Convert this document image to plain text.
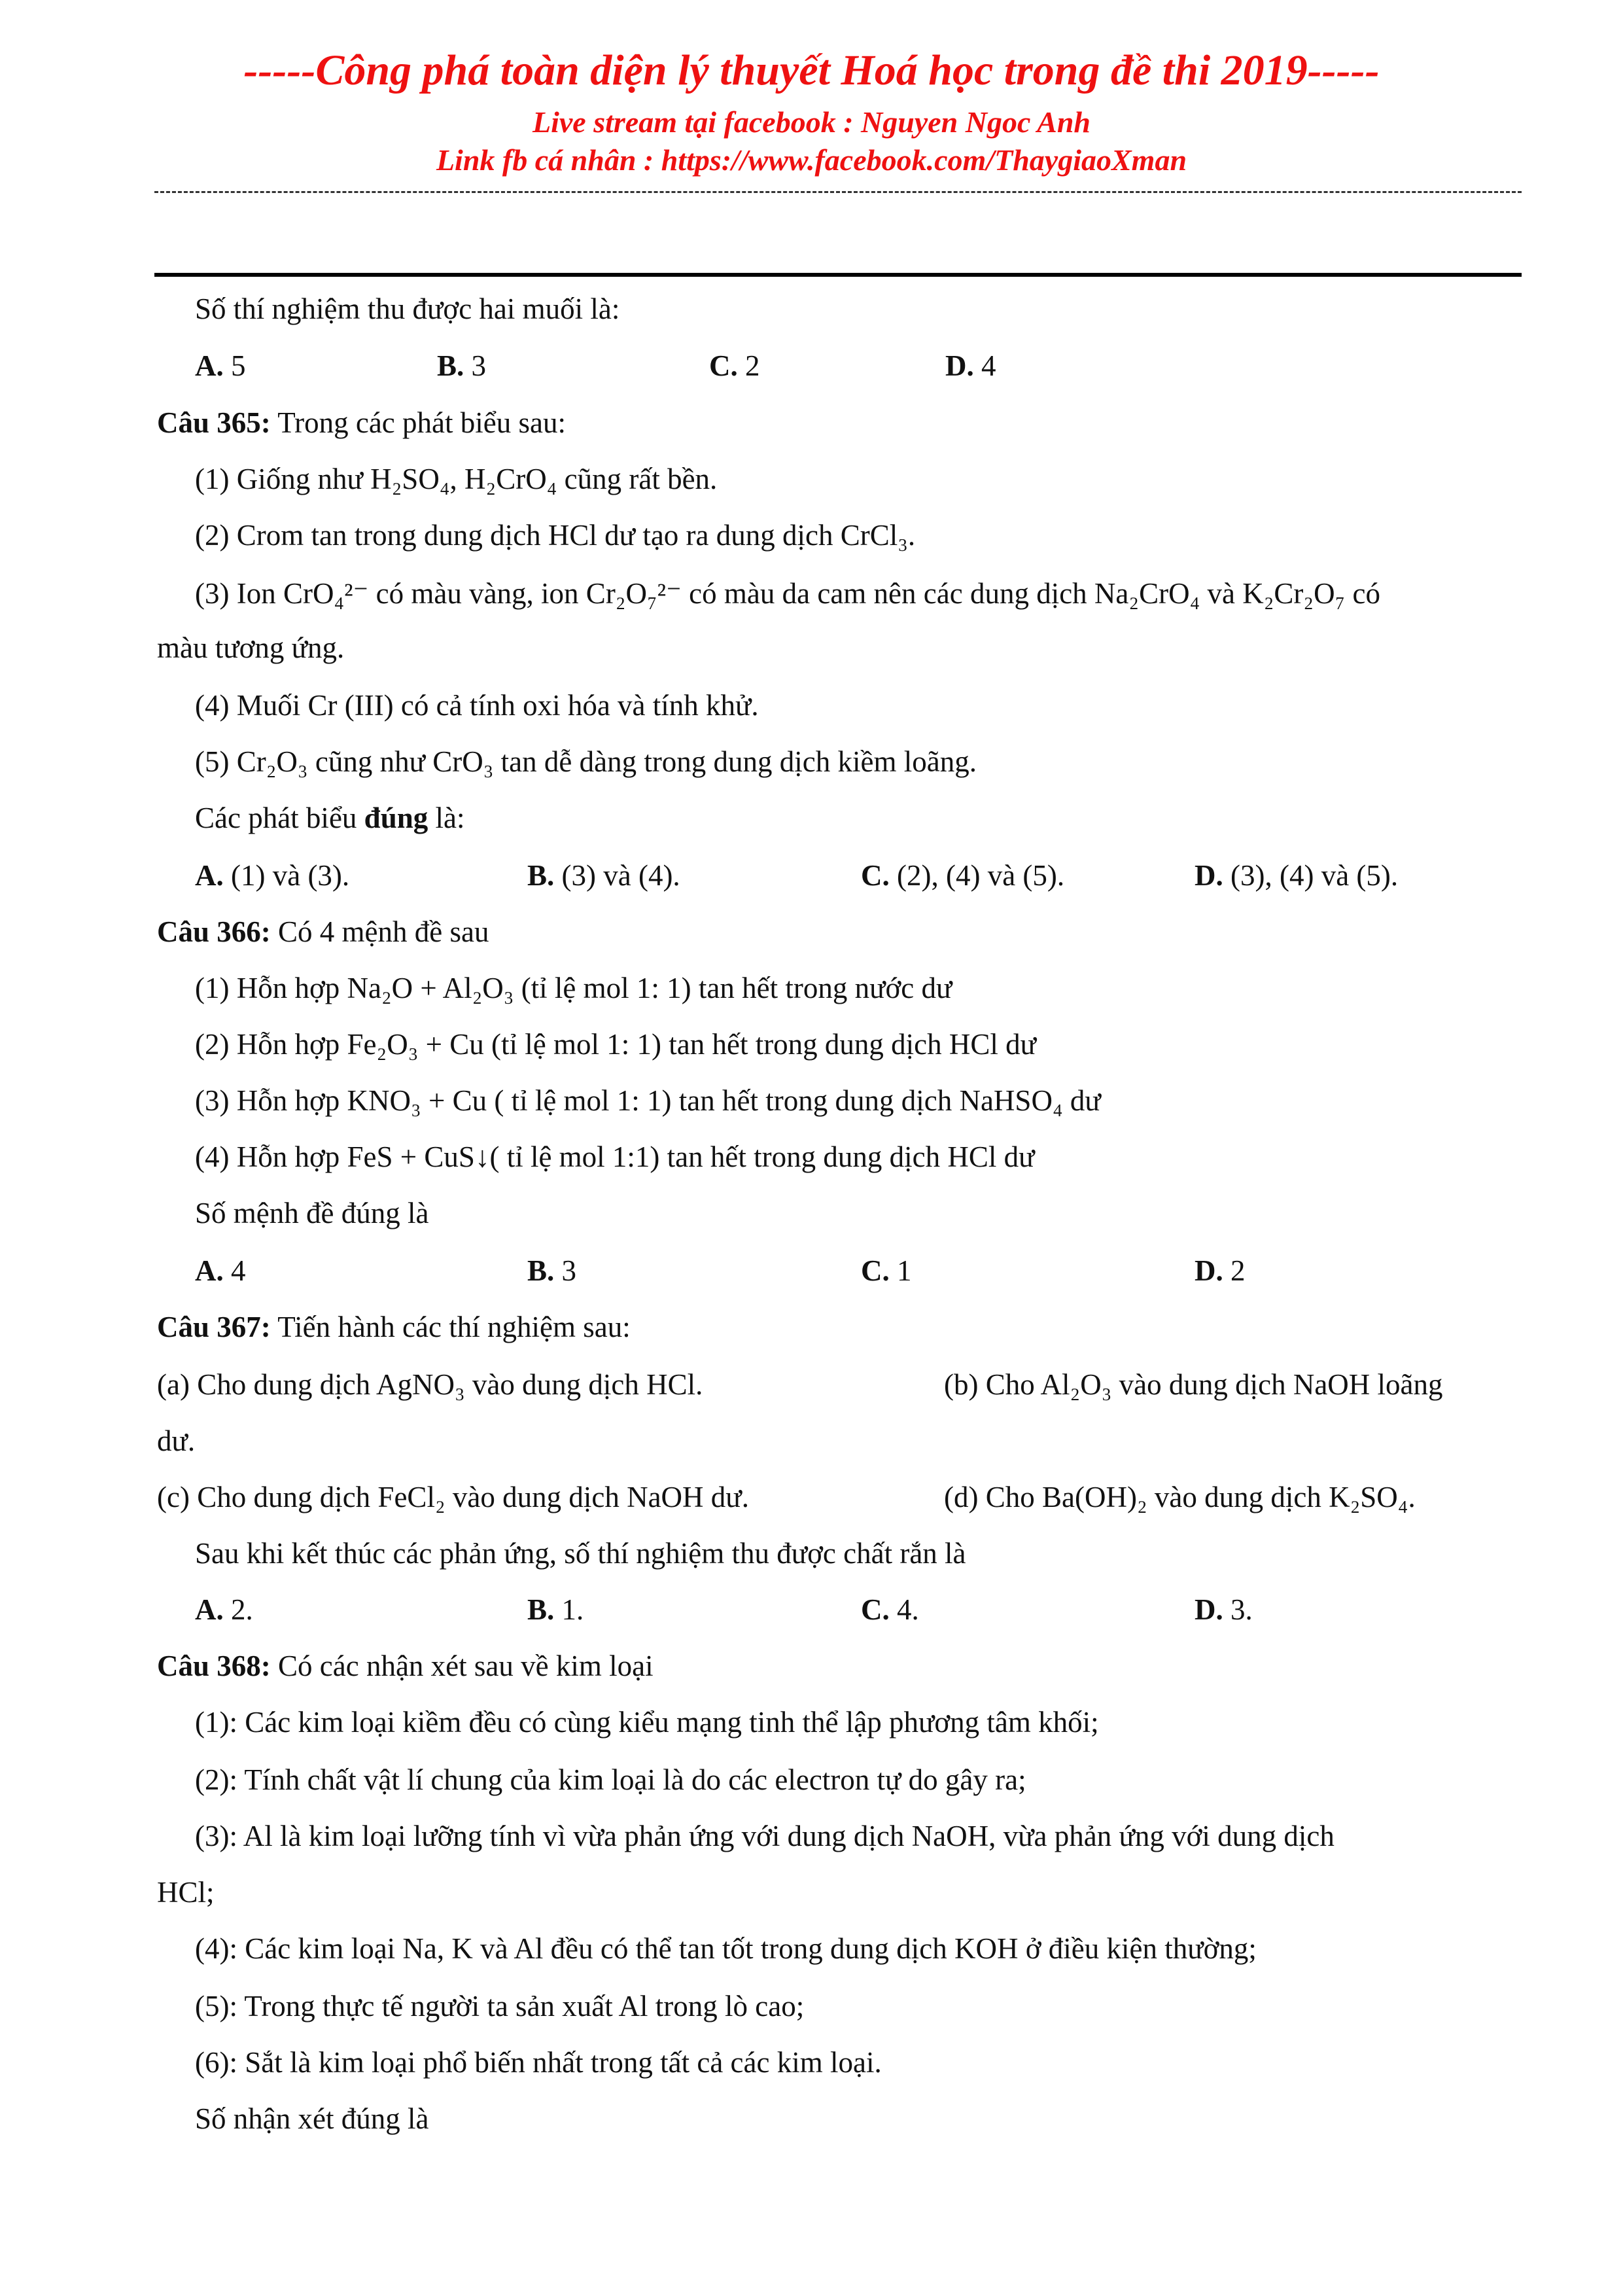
-----Công phá toàn diện lý thuyết Hoá học trong đề thi 2019-----
Live stream tại facebook : Nguyen Ngoc Anh
Link fb cá nhân : https://www.facebook.com/ThaygiaoXman
Số thí nghiệm thu được hai muối là:
A. 5	B. 3	C. 2	D. 4
Câu 365: Trong các phát biểu sau:
(1) Giống như H₂SO₄, H₂CrO₄ cũng rất bền.
(2) Crom tan trong dung dịch HCl dư tạo ra dung dịch CrCl₃.
(3) Ion CrO₄²⁻ có màu vàng, ion Cr₂O₇²⁻ có màu da cam nên các dung dịch Na₂CrO₄ và K₂Cr₂O₇ có
màu tương ứng.
(4) Muối Cr (III) có cả tính oxi hóa và tính khử.
(5) Cr₂O₃ cũng như CrO₃ tan dễ dàng trong dung dịch kiềm loãng.
Các phát biểu đúng là:
A. (1) và (3).	B. (3) và (4).	C. (2), (4) và (5).	D. (3), (4) và (5).
Câu 366: Có 4 mệnh đề sau
(1) Hỗn hợp Na₂O + Al₂O₃ (tỉ lệ mol 1: 1) tan hết trong nước dư
(2) Hỗn hợp Fe₂O₃ + Cu (tỉ lệ mol 1: 1) tan hết trong dung dịch HCl dư
(3) Hỗn hợp KNO₃ + Cu ( tỉ lệ mol 1: 1) tan hết trong dung dịch NaHSO₄ dư
(4) Hỗn hợp FeS + CuS↓( tỉ lệ mol 1:1) tan hết trong dung dịch HCl dư
Số mệnh đề đúng là
A. 4	B. 3	C. 1	D. 2
Câu 367: Tiến hành các thí nghiệm sau:
(a) Cho dung dịch AgNO₃ vào dung dịch HCl.	(b) Cho Al₂O₃ vào dung dịch NaOH loãng
dư.
(c) Cho dung dịch FeCl₂ vào dung dịch NaOH dư.	(d) Cho Ba(OH)₂ vào dung dịch K₂SO₄.
Sau khi kết thúc các phản ứng, số thí nghiệm thu được chất rắn là
A. 2.	B. 1.	C. 4.	D. 3.
Câu 368: Có các nhận xét sau về kim loại
(1): Các kim loại kiềm đều có cùng kiểu mạng tinh thể lập phương tâm khối;
(2): Tính chất vật lí chung của kim loại là do các electron tự do gây ra;
(3): Al là kim loại lưỡng tính vì vừa phản ứng với dung dịch NaOH, vừa phản ứng với dung dịch
HCl;
(4): Các kim loại Na, K và Al đều có thể tan tốt trong dung dịch KOH ở điều kiện thường;
(5): Trong thực tế người ta sản xuất Al trong lò cao;
(6): Sắt là kim loại phổ biến nhất trong tất cả các kim loại.
Số nhận xét đúng là
